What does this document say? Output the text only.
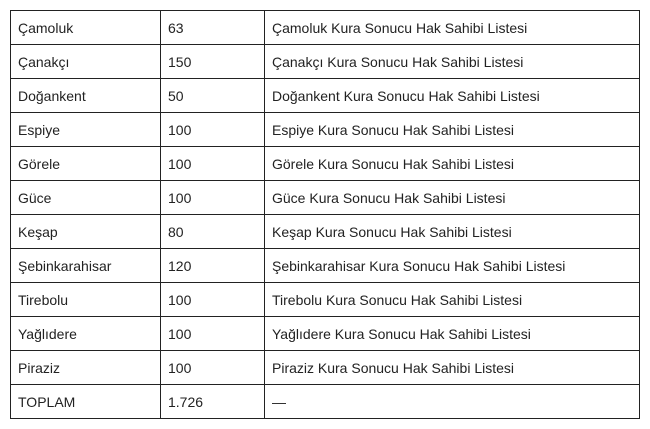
Çamoluk	63	Çamoluk Kura Sonucu Hak Sahibi Listesi
Çanakçı	150	Çanakçı Kura Sonucu Hak Sahibi Listesi
Doğankent	50	Doğankent Kura Sonucu Hak Sahibi Listesi
Espiye	100	Espiye Kura Sonucu Hak Sahibi Listesi
Görele	100	Görele Kura Sonucu Hak Sahibi Listesi
Güce	100	Güce Kura Sonucu Hak Sahibi Listesi
Keşap	80	Keşap Kura Sonucu Hak Sahibi Listesi
Şebinkarahisar	120	Şebinkarahisar Kura Sonucu Hak Sahibi Listesi
Tirebolu	100	Tirebolu Kura Sonucu Hak Sahibi Listesi
Yağlıdere	100	Yağlıdere Kura Sonucu Hak Sahibi Listesi
Piraziz	100	Piraziz Kura Sonucu Hak Sahibi Listesi
TOPLAM	1.726	—
